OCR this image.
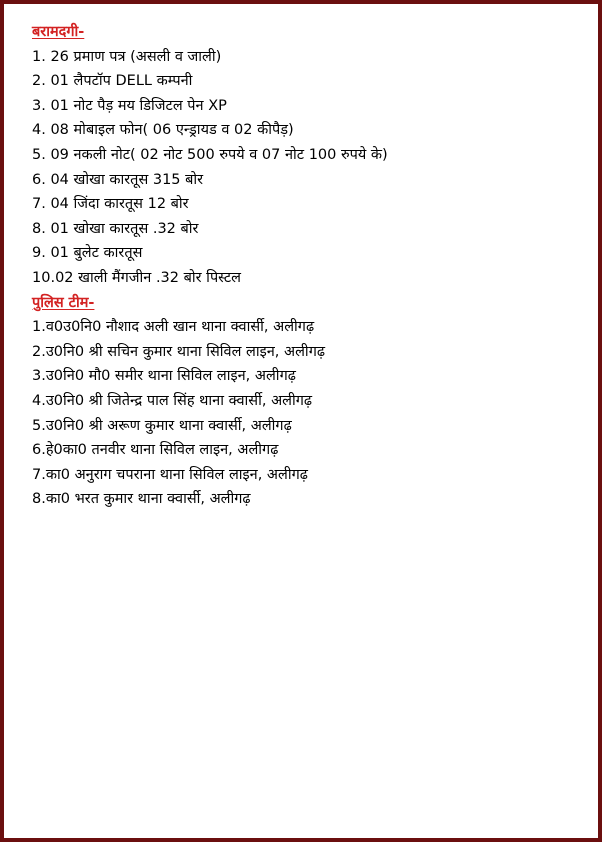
बरामदगी-
1. 26 प्रमाण पत्र (असली व जाली)
2. 01 लैपटॉप DELL कम्पनी
3. 01 नोट पैड़ मय डिजिटल पेन XP
4. 08 मोबाइल फोन( 06 एन्ड्रायड व 02 कीपैड़)
5. 09 नकली नोट( 02 नोट 500 रुपये व 07 नोट 100 रुपये के)
6. 04 खोखा कारतूस 315 बोर
7. 04 जिंदा कारतूस 12 बोर
8. 01 खोखा कारतूस .32 बोर
9. 01 बुलेट कारतूस
10.02 खाली मैंगजीन .32 बोर पिस्टल
पुलिस टीम-
1.व0उ0नि0 नौशाद अली खान थाना क्वार्सी, अलीगढ़
2.उ0नि0 श्री सचिन कुमार थाना सिविल लाइन, अलीगढ़
3.उ0नि0 मौ0 समीर थाना सिविल लाइन, अलीगढ़
4.उ0नि0 श्री जितेन्द्र पाल सिंह थाना क्वार्सी, अलीगढ़
5.उ0नि0 श्री अरूण कुमार थाना क्वार्सी, अलीगढ़
6.हे0का0 तनवीर थाना सिविल लाइन, अलीगढ़
7.का0 अनुराग चपराना थाना सिविल लाइन, अलीगढ़
8.का0 भरत कुमार थाना क्वार्सी, अलीगढ़
